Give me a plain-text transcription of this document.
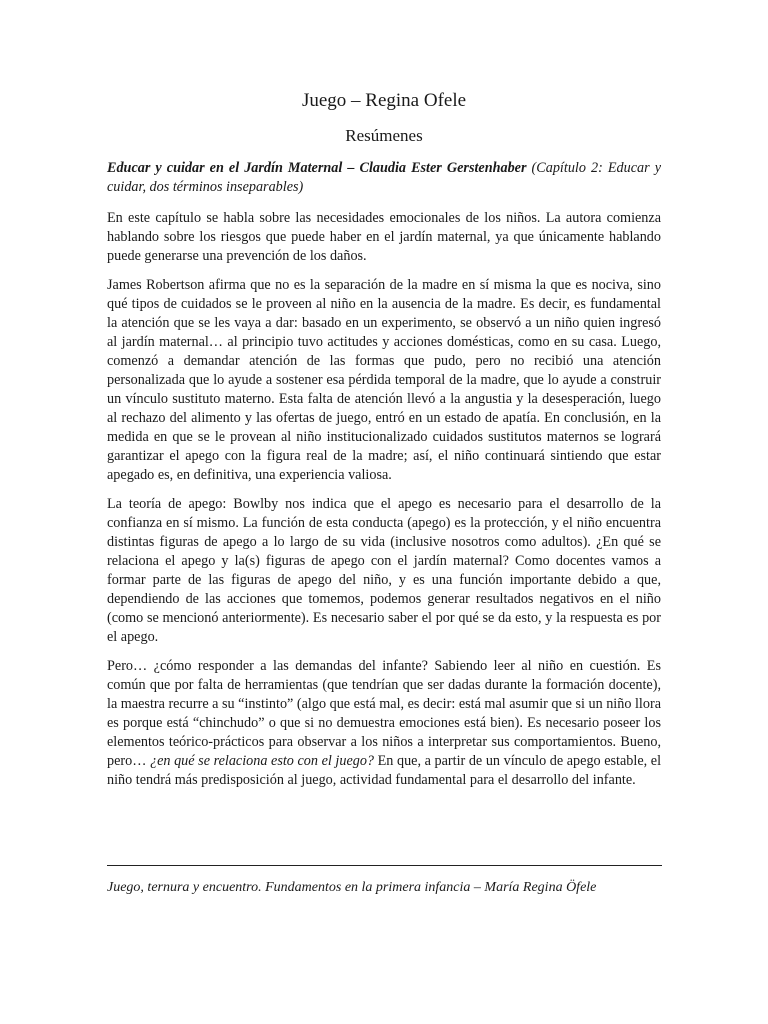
Juego – Regina Ofele
Resúmenes

Educar y cuidar en el Jardín Maternal – Claudia Ester Gerstenhaber (Capítulo 2: Educar y cuidar, dos términos inseparables)

En este capítulo se habla sobre las necesidades emocionales de los niños. La autora comienza hablando sobre los riesgos que puede haber en el jardín maternal, ya que únicamente hablando puede generarse una prevención de los daños.

James Robertson afirma que no es la separación de la madre en sí misma la que es nociva, sino qué tipos de cuidados se le proveen al niño en la ausencia de la madre. Es decir, es fundamental la atención que se les vaya a dar: basado en un experimento, se observó a un niño quien ingresó al jardín maternal… al principio tuvo actitudes y acciones domésticas, como en su casa. Luego, comenzó a demandar atención de las formas que pudo, pero no recibió una atención personalizada que lo ayude a sostener esa pérdida temporal de la madre, que lo ayude a construir un vínculo sustituto materno. Esta falta de atención llevó a la angustia y la desesperación, luego al rechazo del alimento y las ofertas de juego, entró en un estado de apatía. En conclusión, en la medida en que se le provean al niño institucionalizado cuidados sustitutos maternos se logrará garantizar el apego con la figura real de la madre; así, el niño continuará sintiendo que estar apegado es, en definitiva, una experiencia valiosa.

La teoría de apego: Bowlby nos indica que el apego es necesario para el desarrollo de la confianza en sí mismo. La función de esta conducta (apego) es la protección, y el niño encuentra distintas figuras de apego a lo largo de su vida (inclusive nosotros como adultos). ¿En qué se relaciona el apego y la(s) figuras de apego con el jardín maternal? Como docentes vamos a formar parte de las figuras de apego del niño, y es una función importante debido a que, dependiendo de las acciones que tomemos, podemos generar resultados negativos en el niño (como se mencionó anteriormente). Es necesario saber el por qué se da esto, y la respuesta es por el apego.

Pero… ¿cómo responder a las demandas del infante? Sabiendo leer al niño en cuestión. Es común que por falta de herramientas (que tendrían que ser dadas durante la formación docente), la maestra recurre a su “instinto” (algo que está mal, es decir: está mal asumir que si un niño llora es porque está “chinchudo” o que si no demuestra emociones está bien). Es necesario poseer los elementos teórico-prácticos para observar a los niños a interpretar sus comportamientos. Bueno, pero… ¿en qué se relaciona esto con el juego? En que, a partir de un vínculo de apego estable, el niño tendrá más predisposición al juego, actividad fundamental para el desarrollo del infante.

Juego, ternura y encuentro. Fundamentos en la primera infancia – María Regina Öfele
